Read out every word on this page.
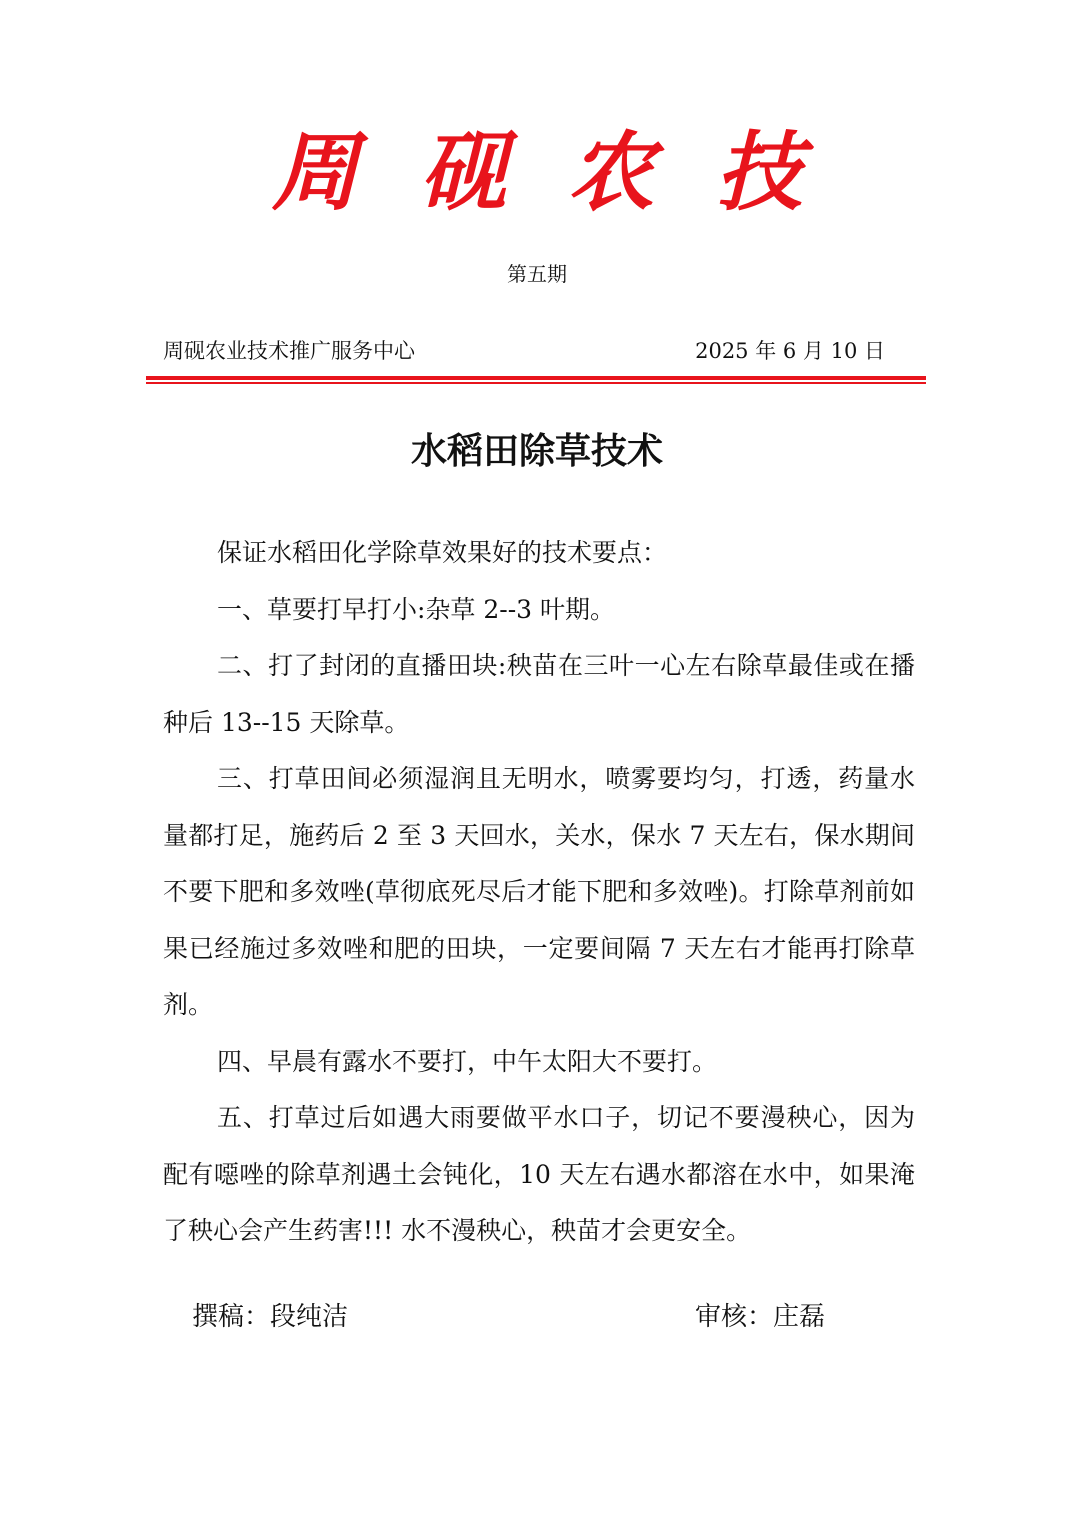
周 砚 农 技
第五期
周砚农业技术推广服务中心	2025 年 6 月 10 日
水稻田除草技术

保证水稻田化学除草效果好的技术要点：

一、草要打早打小:杂草 2--3 叶期。

二、打了封闭的直播田块:秧苗在三叶一心左右除草最佳或在播种后 13--15 天除草。

三、打草田间必须湿润且无明水，喷雾要均匀，打透，药量水量都打足，施药后 2 至 3 天回水，关水，保水 7 天左右，保水期间不要下肥和多效唑(草彻底死尽后才能下肥和多效唑)。打除草剂前如果已经施过多效唑和肥的田块，一定要间隔 7 天左右才能再打除草剂。

四、早晨有露水不要打，中午太阳大不要打。

五、打草过后如遇大雨要做平水口子，切记不要漫秧心，因为配有噁唑的除草剂遇土会钝化，10 天左右遇水都溶在水中，如果淹了秧心会产生药害!!! 水不漫秧心，秧苗才会更安全。

撰稿：段纯洁	审核：庄磊
